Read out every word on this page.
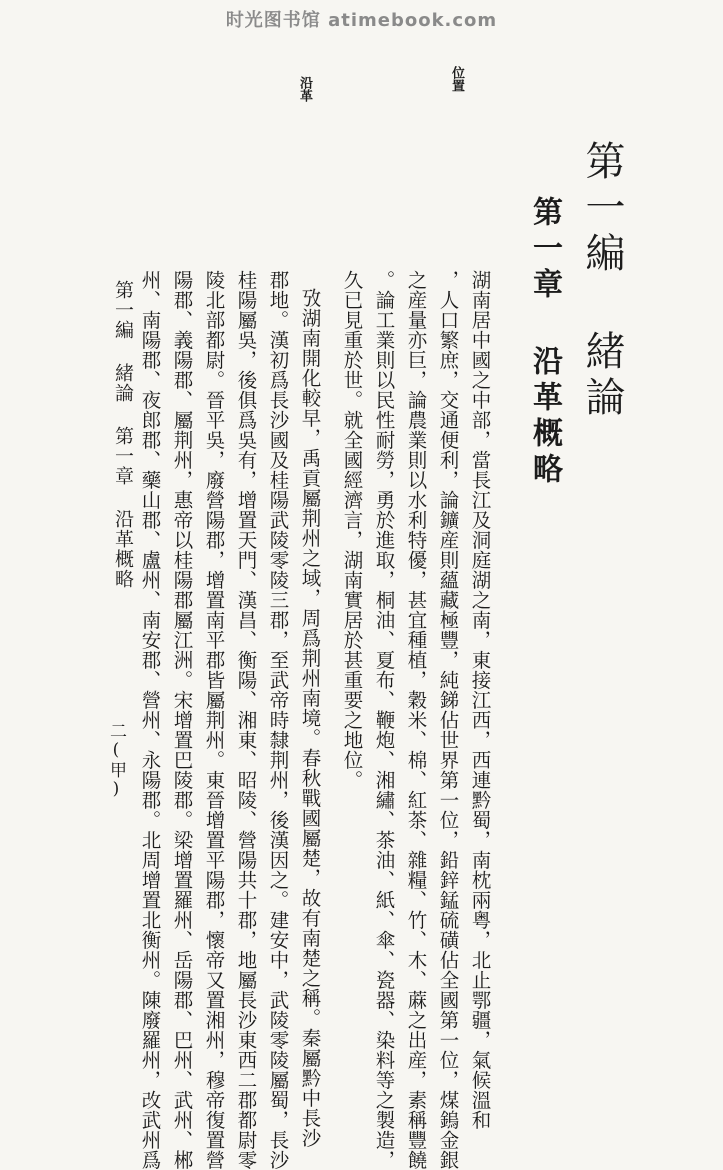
时光图书馆 atimebook.com
第一編 緒論
第一章 沿革概略
位置
沿革
湖南居中國之中部，當長江及洞庭湖之南，東接江西，西連黔蜀，南枕兩粤，北止鄂疆，氣候溫和
，人口繁庶，交通便利，論鑛産則蘊藏極豐，純銻佔世界第一位，鉛鋅錳硫磺佔全國第一位，煤鎢金銀
之産量亦巨，論農業則以水利特優，甚宜種植，穀米、棉、紅茶、雜糧、竹、木、蔴之出産，素稱豐饒
。論工業則以民性耐勞，勇於進取，桐油、夏布、鞭炮、湘繡、茶油、紙、傘、瓷器、染料等之製造，
久已見重於世。就全國經濟言，湖南實居於甚重要之地位。
攷湖南開化較早，禹貢屬荆州之域，周爲荆州南境。春秋戰國屬楚，故有南楚之稱。秦屬黔中長沙
郡地。漢初爲長沙國及桂陽武陵零陵三郡，至武帝時隸荆州，後漢因之。建安中，武陵零陵屬蜀，長沙
桂陽屬吳，後俱爲吳有，增置天門、漢昌、衡陽、湘東、昭陵、營陽共十郡，地屬長沙東西二郡都尉零
陵北部都尉。晉平吳，廢營陽郡，增置南平郡皆屬荆州。東晉增置平陽郡，懷帝又置湘州，穆帝復置營
陽郡、義陽郡、屬荆州，惠帝以桂陽郡屬江洲。宋增置巴陵郡。梁增置羅州、岳陽郡、巴州、武州、郴
州、南陽郡、夜郎郡、藥山郡、盧州、南安郡、營州、永陽郡。北周增置北衡州。陳廢羅州，改武州爲
第一編 緒論 第一章 沿革概略
二(甲)
